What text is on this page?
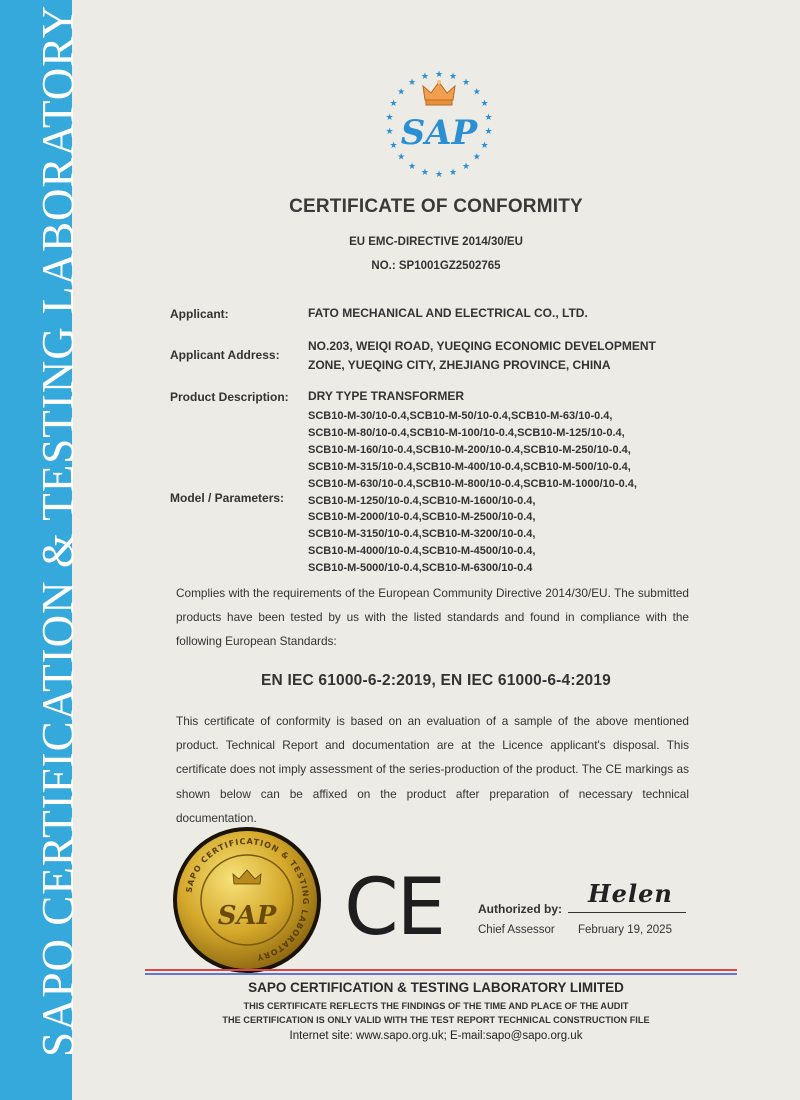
SAPO CERTIFICATION & TESTING LABORATORY	★ ★
★
★
★
★
★
★
★
★
★
★
★
★
★
★
★
★
★
★
★
★
SAP
CERTIFICATE OF CONFORMITY
EU EMC-DIRECTIVE 2014/30/EU
NO.: SP1001GZ2502765
Applicant:	FATO MECHANICAL AND ELECTRICAL CO., LTD.
Applicant Address:
NO.203, WEIQI ROAD, YUEQING ECONOMIC DEVELOPMENT
ZONE, YUEQING CITY, ZHEJIANG PROVINCE, CHINA
Product Description: DRY TYPE TRANSFORMER
Model / Parameters:
SCB10-M-30/10-0.4,SCB10-M-50/10-0.4,SCB10-M-63/10-0.4,
SCB10-M-80/10-0.4,SCB10-M-100/10-0.4,SCB10-M-125/10-0.4,
SCB10-M-160/10-0.4,SCB10-M-200/10-0.4,SCB10-M-250/10-0.4,
SCB10-M-315/10-0.4,SCB10-M-400/10-0.4,SCB10-M-500/10-0.4,
SCB10-M-630/10-0.4,SCB10-M-800/10-0.4,SCB10-M-1000/10-0.4,
SCB10-M-1250/10-0.4,SCB10-M-1600/10-0.4,
SCB10-M-2000/10-0.4,SCB10-M-2500/10-0.4,
SCB10-M-3150/10-0.4,SCB10-M-3200/10-0.4,
SCB10-M-4000/10-0.4,SCB10-M-4500/10-0.4,
SCB10-M-5000/10-0.4,SCB10-M-6300/10-0.4
Complies with the requirements of the European Community Directive 2014/30/EU. The submitted products have been tested by us with the listed standards and found in compliance with the following European Standards:
EN IEC 61000-6-2:2019, EN IEC 61000-6-4:2019
This certificate of conformity is based on an evaluation of a sample of the above mentioned product. Technical Report and documentation are at the Licence applicant's disposal. This certificate does not imply assessment of the series-production of the product. The CE markings as shown below can be affixed on the product after preparation of necessary technical documentation.
SAPO CERTIFICATION & TESTING LABORATORY
SAP CE	Authorized by:
Helen
Chief Assessor February 19, 2025
SAPO CERTIFICATION & TESTING LABORATORY LIMITED
THIS CERTIFICATE REFLECTS THE FINDINGS OF THE TIME AND PLACE OF THE AUDIT
THE CERTIFICATION IS ONLY VALID WITH THE TEST REPORT TECHNICAL CONSTRUCTION FILE
Internet site: www.sapo.org.uk; E-mail:sapo@sapo.org.uk
